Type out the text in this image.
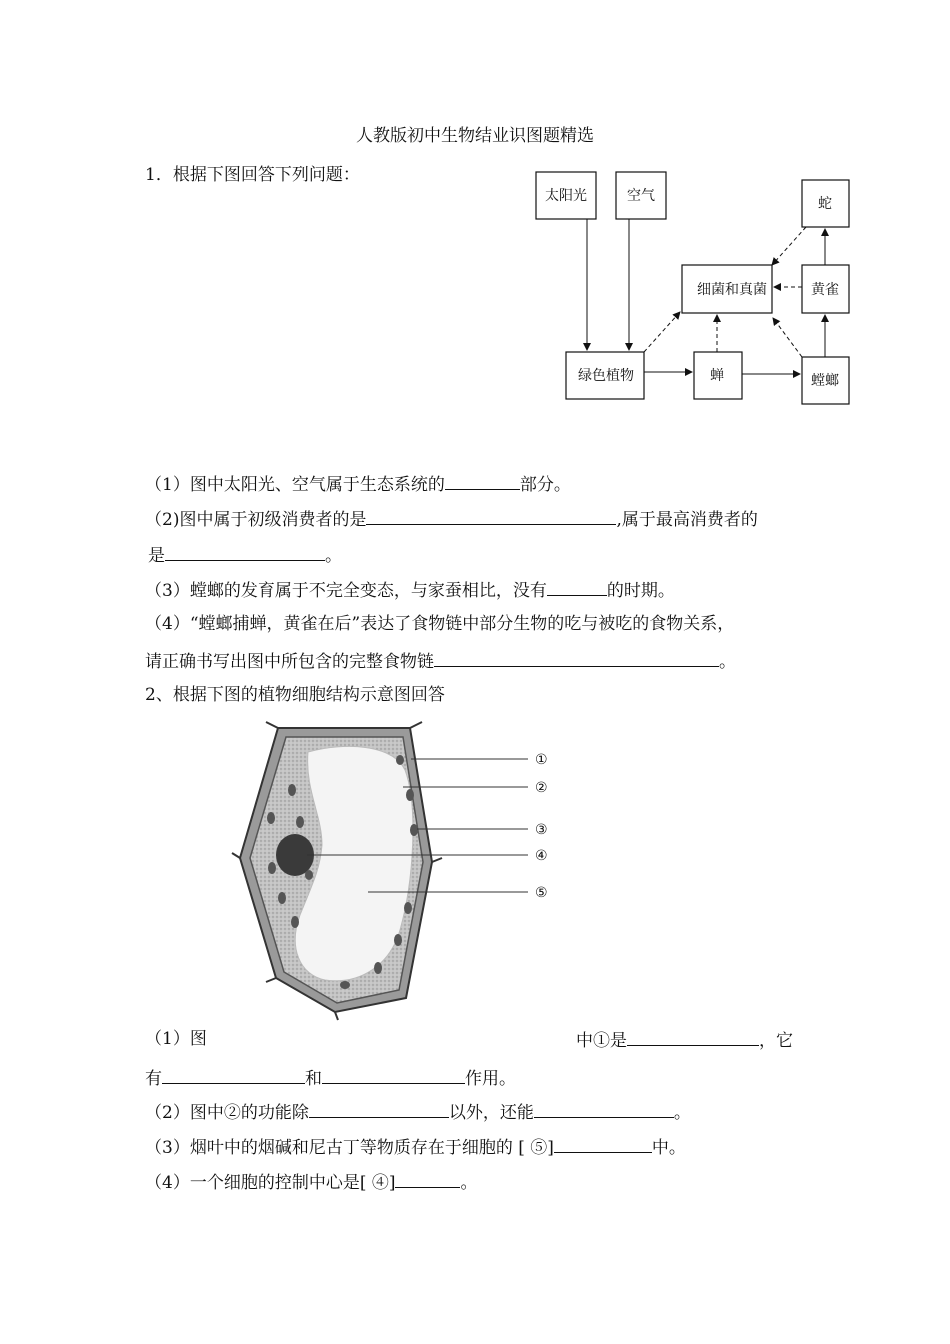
人教版初中生物结业识图题精选
1．根据下图回答下列问题：
太阳光	空气	蛇
细菌和真菌	黄雀
绿色植物	蝉	螳螂
（1）图中太阳光、空气属于生态系统的	部分。
（2)图中属于初级消费者的是	,属于最高消费者的
是	。
（3）螳螂的发育属于不完全变态，与家蚕相比，没有	的时期。
（4）“螳螂捕蝉，黄雀在后”表达了食物链中部分生物的吃与被吃的食物关系，
请正确书写出图中所包含的完整食物链	。
2、根据下图的植物细胞结构示意图回答
①
②
③
④
⑤
（1）图	中①是	，它
有	和	作用。
（2）图中②的功能除	以外，还能	。
（3）烟叶中的烟碱和尼古丁等物质存在于细胞的 [ ⑤]	中。
（4）一个细胞的控制中心是[ ④]	。
